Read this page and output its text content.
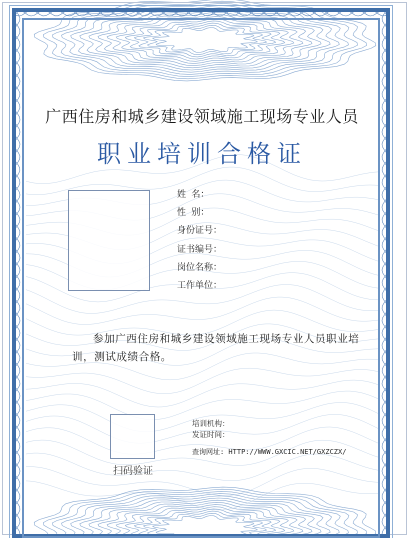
广西住房和城乡建设领域施工现场专业人员
职业培训合格证
姓 名：
性 别：
身份证号：
证书编号：
岗位名称：
工作单位：
参加广西住房和城乡建设领域施工现场专业人员职业培训，测试成绩合格。
扫码验证
培训机构：
发证时间：
查询网址: HTTP://WWW.GXCIC.NET/GXZCZX/
